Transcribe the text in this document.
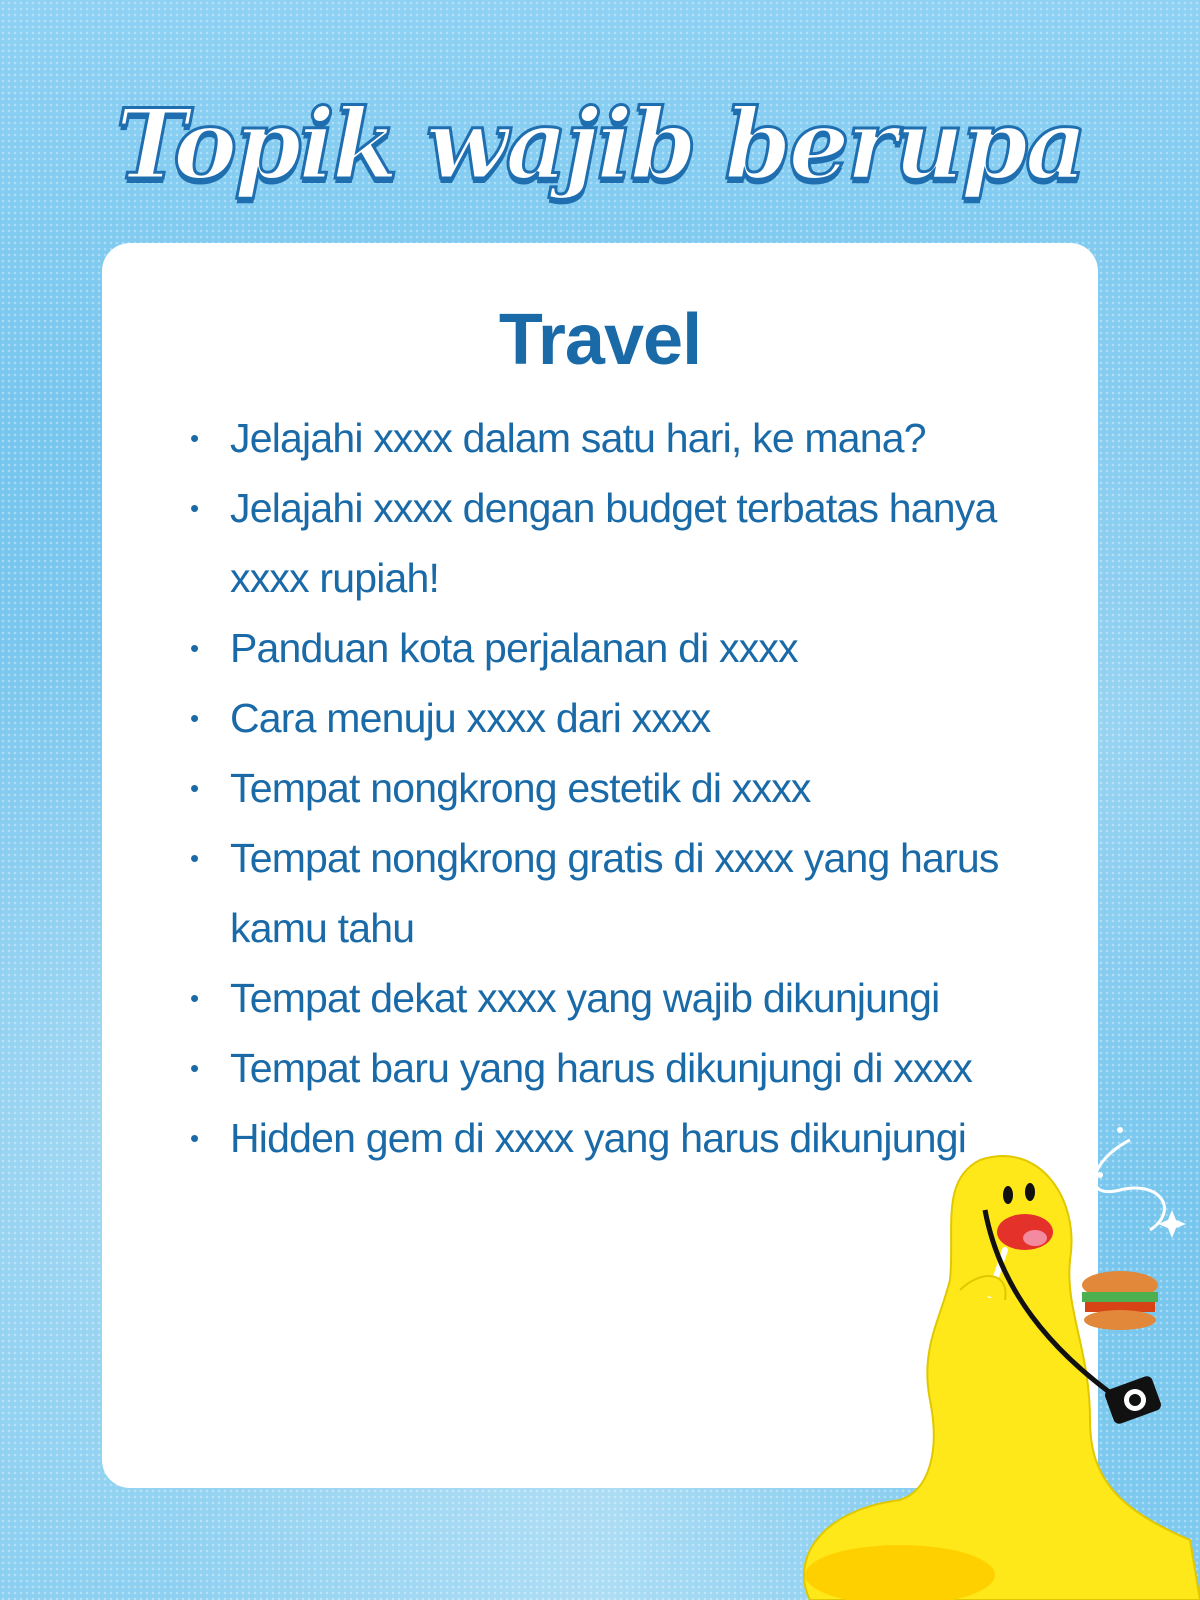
Topik wajib berupa
Travel
• Jelajahi xxxx dalam satu hari, ke mana?
• Jelajahi xxxx dengan budget terbatas hanya xxxx rupiah!
• Panduan kota perjalanan di xxxx
• Cara menuju xxxx dari xxxx
• Tempat nongkrong estetik di xxxx
• Tempat nongkrong gratis di xxxx yang harus kamu tahu
• Tempat dekat xxxx yang wajib dikunjungi
• Tempat baru yang harus dikunjungi di xxxx
• Hidden gem di xxxx yang harus dikunjungi
